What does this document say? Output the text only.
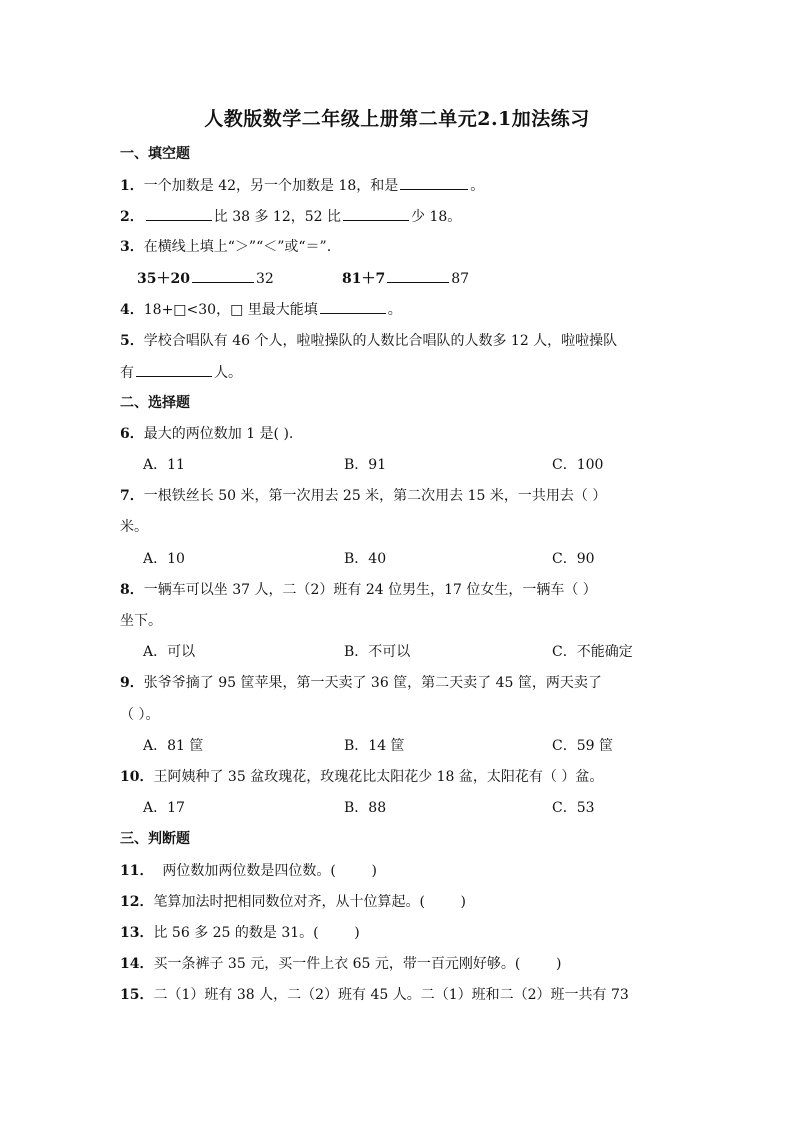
人教版数学二年级上册第二单元2.1加法练习
一、填空题
1．一个加数是 42，另一个加数是 18，和是	。
2．	比 38 多 12，52 比	少 18。
3．在横线上填上“＞”“＜”或“＝”.
35＋20	32	81＋7	87
4．18+□<30，□ 里最大能填	。
5．学校合唱队有 46 个人，啦啦操队的人数比合唱队的人数多 12 人，啦啦操队
有	人。
二、选择题
6．最大的两位数加 1 是( ).
A．11	B．91	C．100
7．一根铁丝长 50 米，第一次用去 25 米，第二次用去 15 米，一共用去（ ）
米。
A．10	B．40	C．90
8．一辆车可以坐 37 人，二（2）班有 24 位男生，17 位女生，一辆车（ ）
坐下。
A．可以	B．不可以	C．不能确定
9．张爷爷摘了 95 筐苹果，第一天卖了 36 筐，第二天卖了 45 筐，两天卖了
（ ）。
A．81 筐	B．14 筐	C．59 筐
10．王阿姨种了 35 盆玫瑰花，玫瑰花比太阳花少 18 盆，太阳花有（ ）盆。
A．17	B．88	C．53
三、判断题
11．  两位数加两位数是四位数。(        )
12．笔算加法时把相同数位对齐，从十位算起。(        )
13．比 56 多 25 的数是 31。(        )
14．买一条裤子 35 元，买一件上衣 65 元，带一百元刚好够。(        )
15．二（1）班有 38 人，二（2）班有 45 人。二（1）班和二（2）班一共有 73
